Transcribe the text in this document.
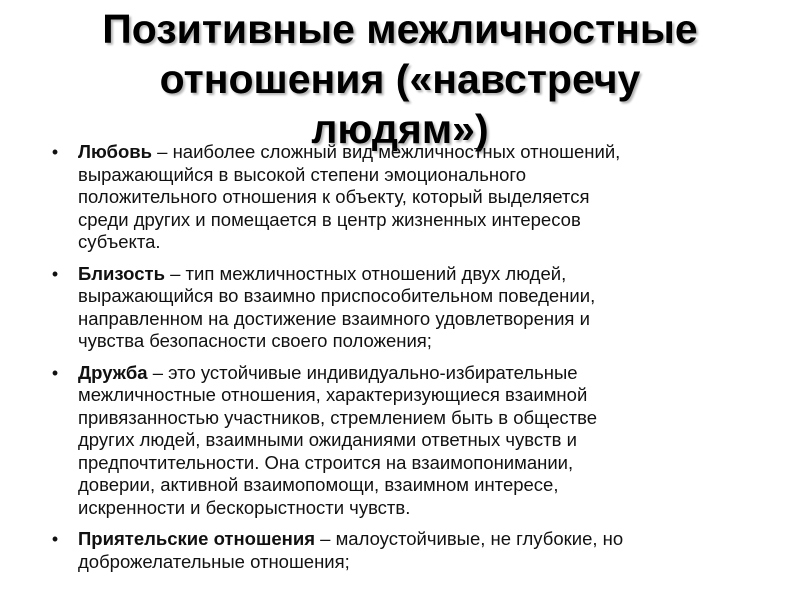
Позитивные межличностные
отношения («навстречу
людям»)
• Любовь – наиболее сложный вид межличностных отношений,
выражающийся в высокой степени эмоционального
положительного отношения к объекту, который выделяется
среди других и помещается в центр жизненных интересов
субъекта.
• Близость – тип межличностных отношений двух людей,
выражающийся во взаимно приспособительном поведении,
направленном на достижение взаимного удовлетворения и
чувства безопасности своего положения;
• Дружба – это устойчивые индивидуально-избирательные
межличностные отношения, характеризующиеся взаимной
привязанностью участников, стремлением быть в обществе
других людей, взаимными ожиданиями ответных чувств и
предпочтительности. Она строится на взаимопонимании,
доверии, активной взаимопомощи, взаимном интересе,
искренности и бескорыстности чувств.
• Приятельские отношения – малоустойчивые, не глубокие, но
доброжелательные отношения;
